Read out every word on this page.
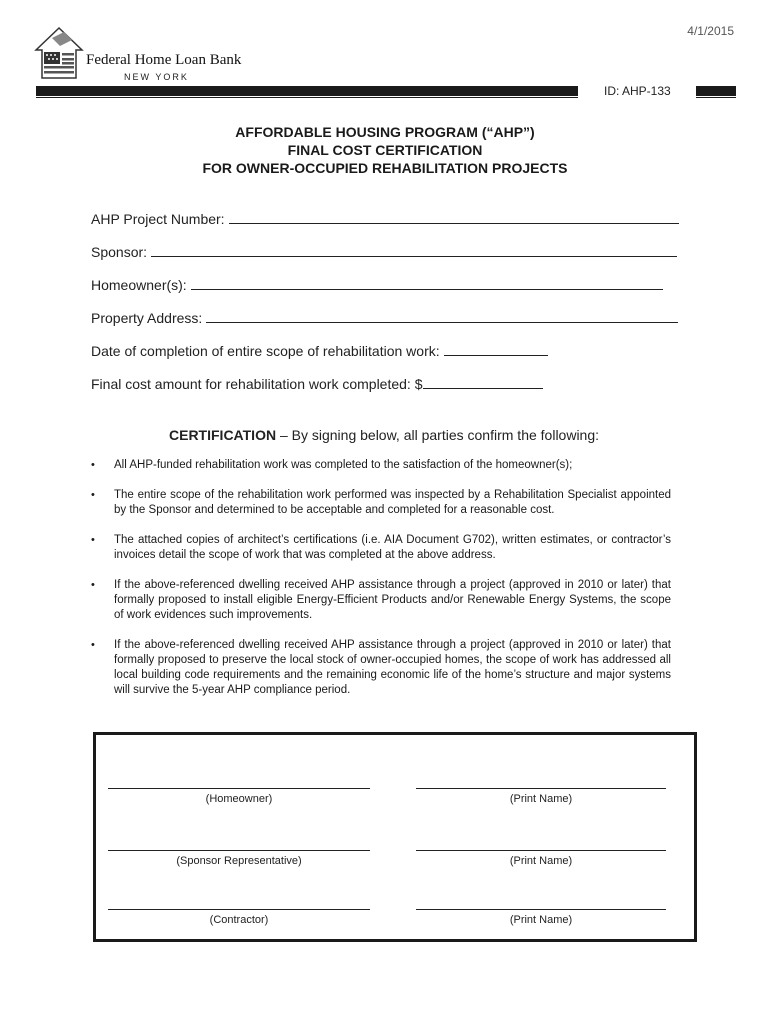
4/1/2015
Federal Home Loan Bank
NEW YORK
ID: AHP-133
AFFORDABLE HOUSING PROGRAM (“AHP”)
FINAL COST CERTIFICATION
FOR OWNER-OCCUPIED REHABILITATION PROJECTS
AHP Project Number:
Sponsor:
Homeowner(s):
Property Address:
Date of completion of entire scope of rehabilitation work:
Final cost amount for rehabilitation work completed: $
CERTIFICATION – By signing below, all parties confirm the following:
• All AHP-funded rehabilitation work was completed to the satisfaction of the homeowner(s);
• The entire scope of the rehabilitation work performed was inspected by a Rehabilitation Specialist appointed by the Sponsor and determined to be acceptable and completed for a reasonable cost.
• The attached copies of architect’s certifications (i.e. AIA Document G702), written estimates, or contractor’s invoices detail the scope of work that was completed at the above address.
• If the above-referenced dwelling received AHP assistance through a project (approved in 2010 or later) that formally proposed to install eligible Energy-Efficient Products and/or Renewable Energy Systems, the scope of work evidences such improvements.
• If the above-referenced dwelling received AHP assistance through a project (approved in 2010 or later) that formally proposed to preserve the local stock of owner-occupied homes, the scope of work has addressed all local building code requirements and the remaining economic life of the home’s structure and major systems will survive the 5-year AHP compliance period.
(Homeowner)	(Print Name)
(Sponsor Representative)	(Print Name)
(Contractor)	(Print Name)
